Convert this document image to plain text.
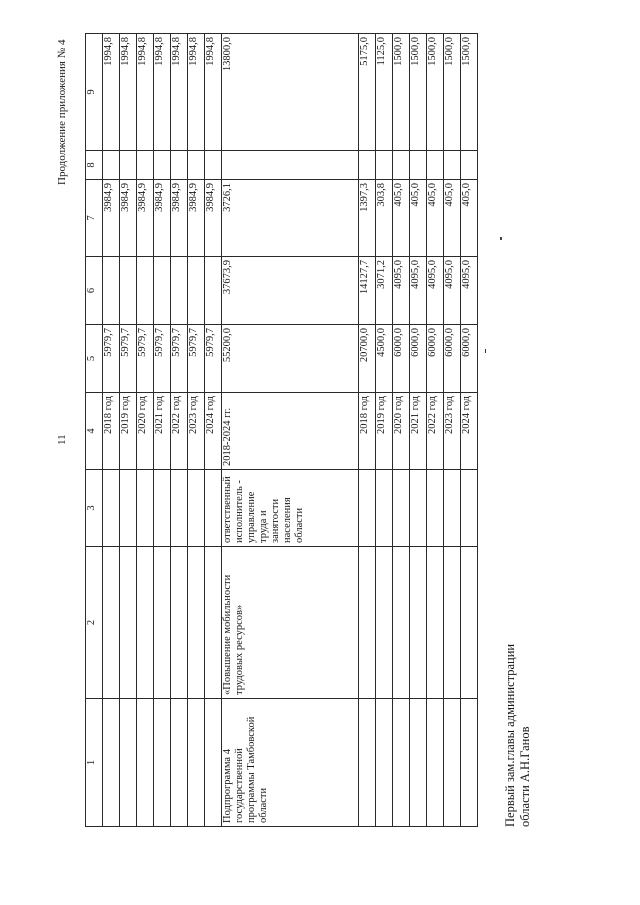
11
Продолжение приложения № 4
1	2	3	4	5	6	7	8	9
			2018 год	5979,7		3984,9		1994,8
			2019 год	5979,7		3984,9		1994,8
			2020 год	5979,7		3984,9		1994,8
			2021 год	5979,7		3984,9		1994,8
			2022 год	5979,7		3984,9		1994,8
			2023 год	5979,7		3984,9		1994,8
			2024 год	5979,7		3984,9		1994,8
Подпрограмма 4 государственной программы Тамбовской области	«Повышение мобильности трудовых ресурсов»	ответственный исполнитель - управление труда и занятости населения области	2018-2024 гг.	55200,0	37673,9	3726,1		13800,0
			2018 год	20700,0	14127,7	1397,3		5175,0
			2019 год	4500,0	3071,2	303,8		1125,0
			2020 год	6000,0	4095,0	405,0		1500,0
			2021 год	6000,0	4095,0	405,0		1500,0
			2022 год	6000,0	4095,0	405,0		1500,0
			2023 год	6000,0	4095,0	405,0		1500,0
			2024 год	6000,0	4095,0	405,0		1500,0
Первый зам.главы администрации области А.Н.Ганов
